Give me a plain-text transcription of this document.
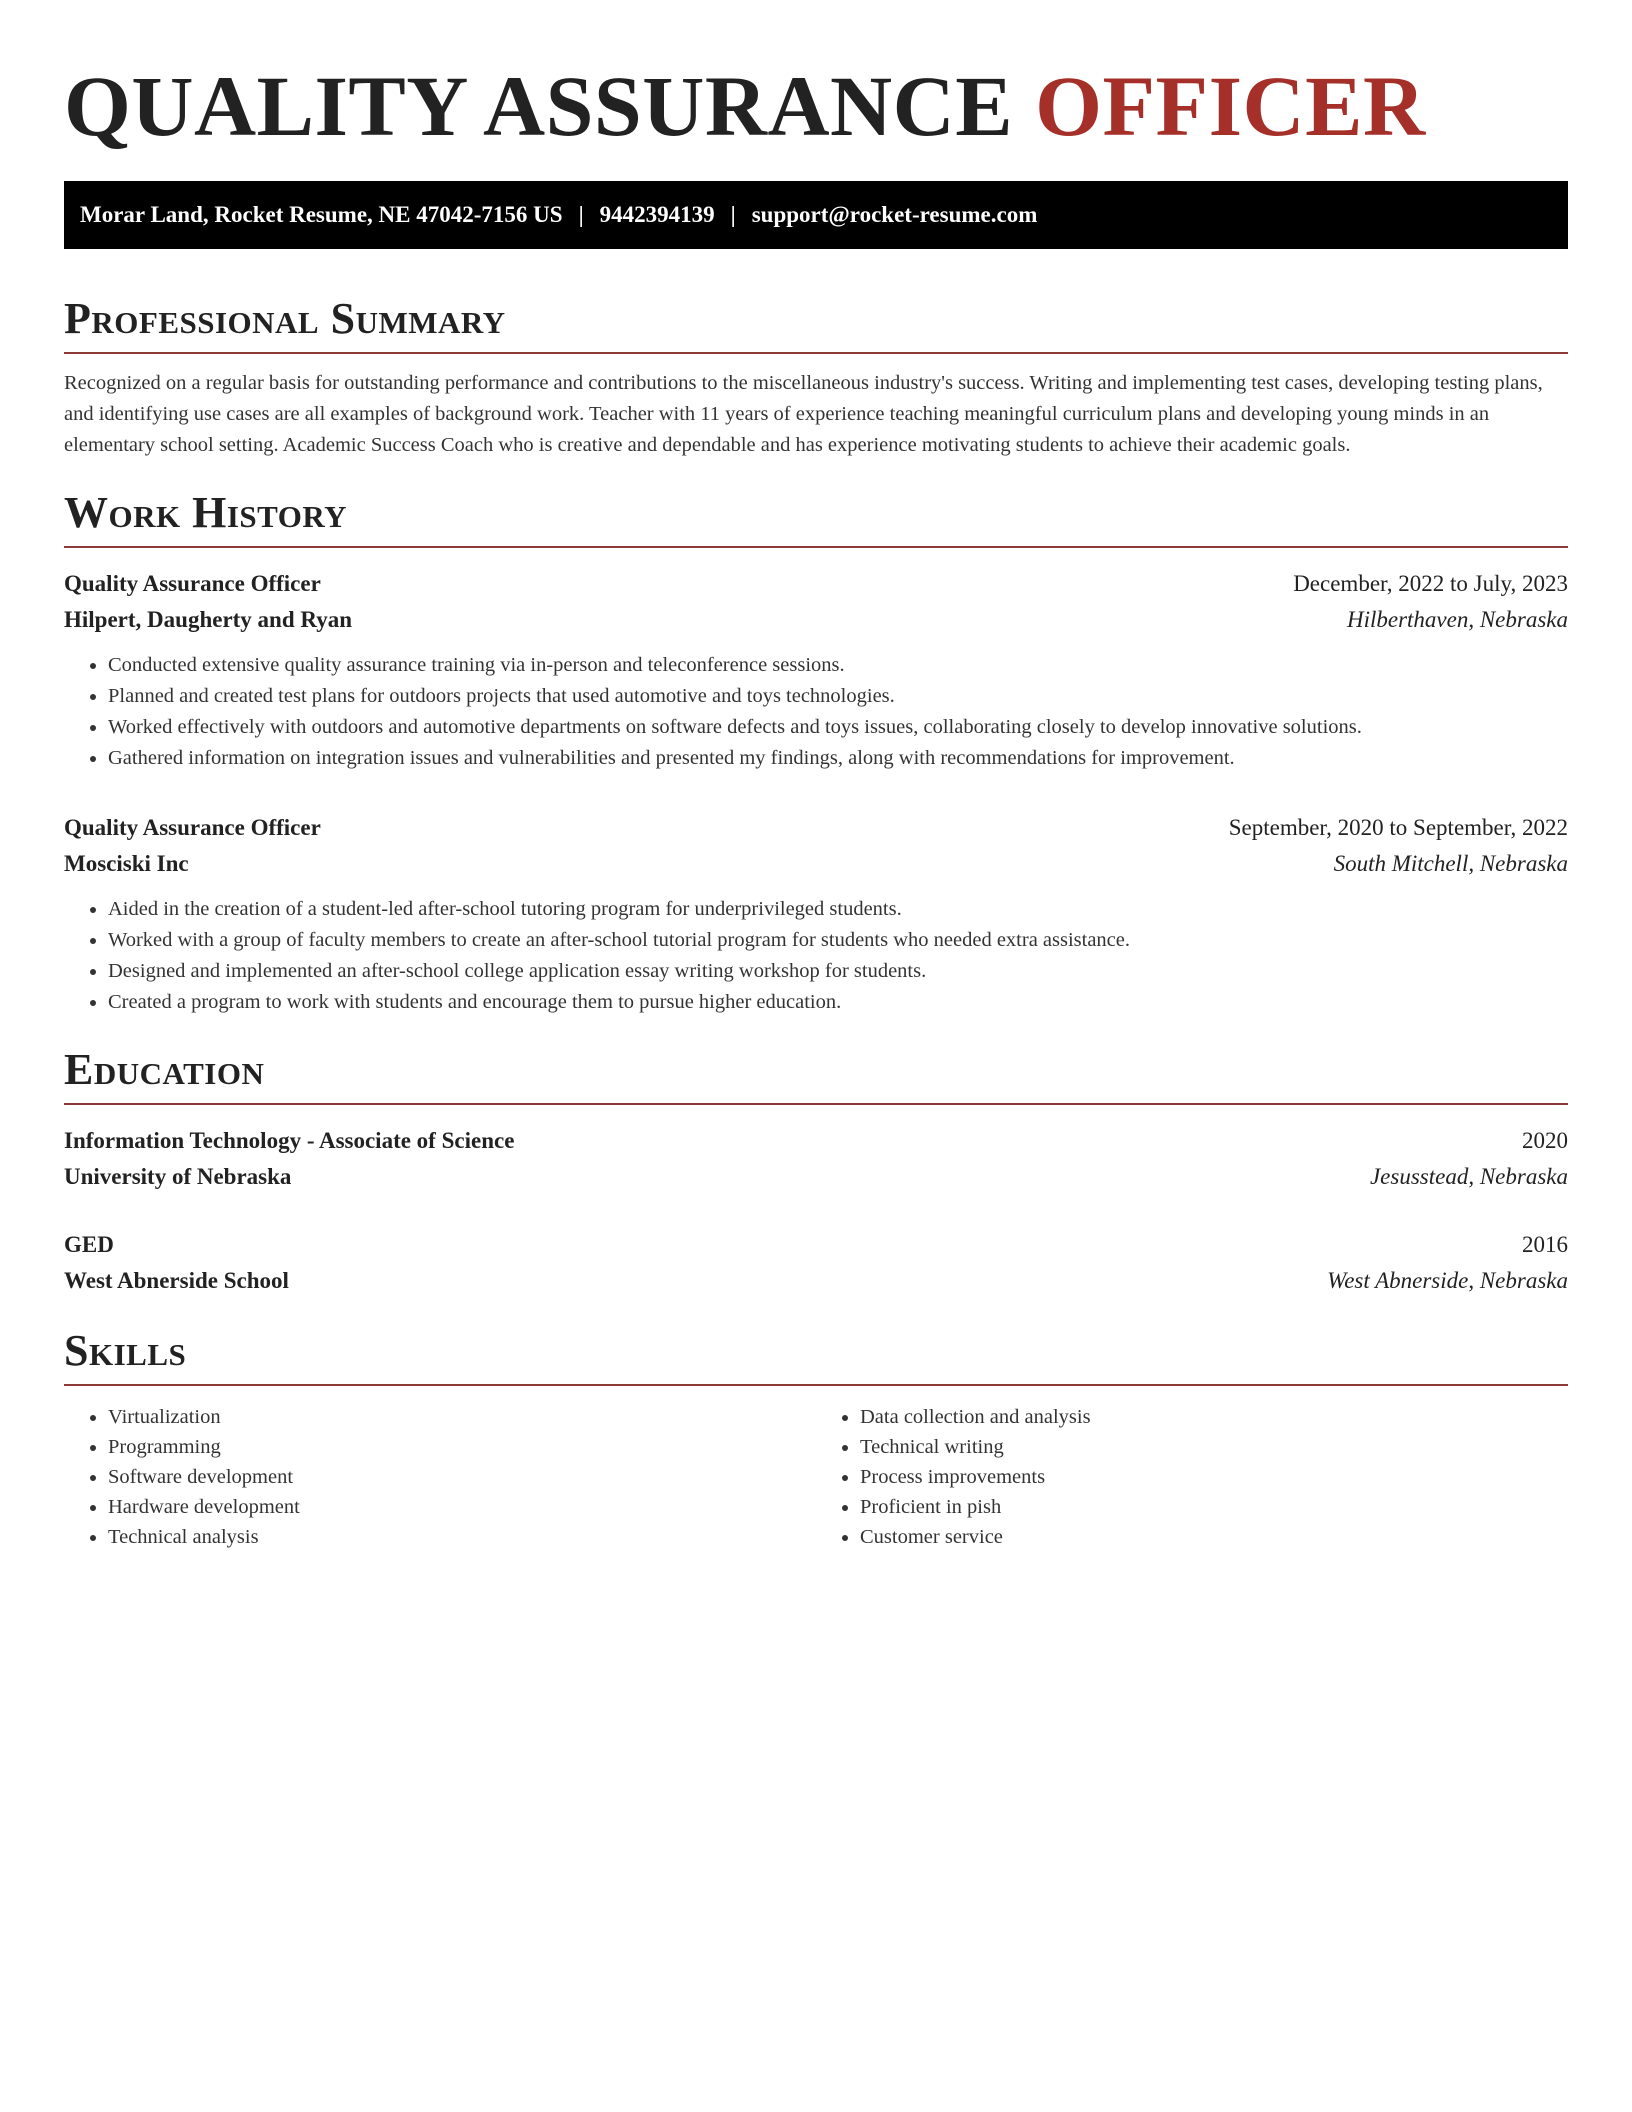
QUALITY ASSURANCE OFFICER
Morar Land, Rocket Resume, NE 47042-7156 US | 9442394139 | support@rocket-resume.com
Professional Summary

Recognized on a regular basis for outstanding performance and contributions to the miscellaneous industry's success. Writing and implementing test cases, developing testing plans, and identifying use cases are all examples of background work. Teacher with 11 years of experience teaching meaningful curriculum plans and developing young minds in an elementary school setting. Academic Success Coach who is creative and dependable and has experience motivating students to achieve their academic goals.

Work History
Quality Assurance Officer	December, 2022 to July, 2023
Hilpert, Daugherty and Ryan	Hilberthaven, Nebraska
• Conducted extensive quality assurance training via in-person and teleconference sessions.
• Planned and created test plans for outdoors projects that used automotive and toys technologies.
• Worked effectively with outdoors and automotive departments on software defects and toys issues, collaborating closely to develop innovative solutions.
• Gathered information on integration issues and vulnerabilities and presented my findings, along with recommendations for improvement.
Quality Assurance Officer	September, 2020 to September, 2022
Mosciski Inc	South Mitchell, Nebraska
• Aided in the creation of a student-led after-school tutoring program for underprivileged students.
• Worked with a group of faculty members to create an after-school tutorial program for students who needed extra assistance.
• Designed and implemented an after-school college application essay writing workshop for students.
• Created a program to work with students and encourage them to pursue higher education.
Education
Information Technology - Associate of Science	2020
University of Nebraska	Jesusstead, Nebraska
GED	2016
West Abnerside School	West Abnerside, Nebraska
Skills
• Virtualization
• Programming
• Software development
• Hardware development
• Technical analysis
• Data collection and analysis
• Technical writing
• Process improvements
• Proficient in pish
• Customer service
